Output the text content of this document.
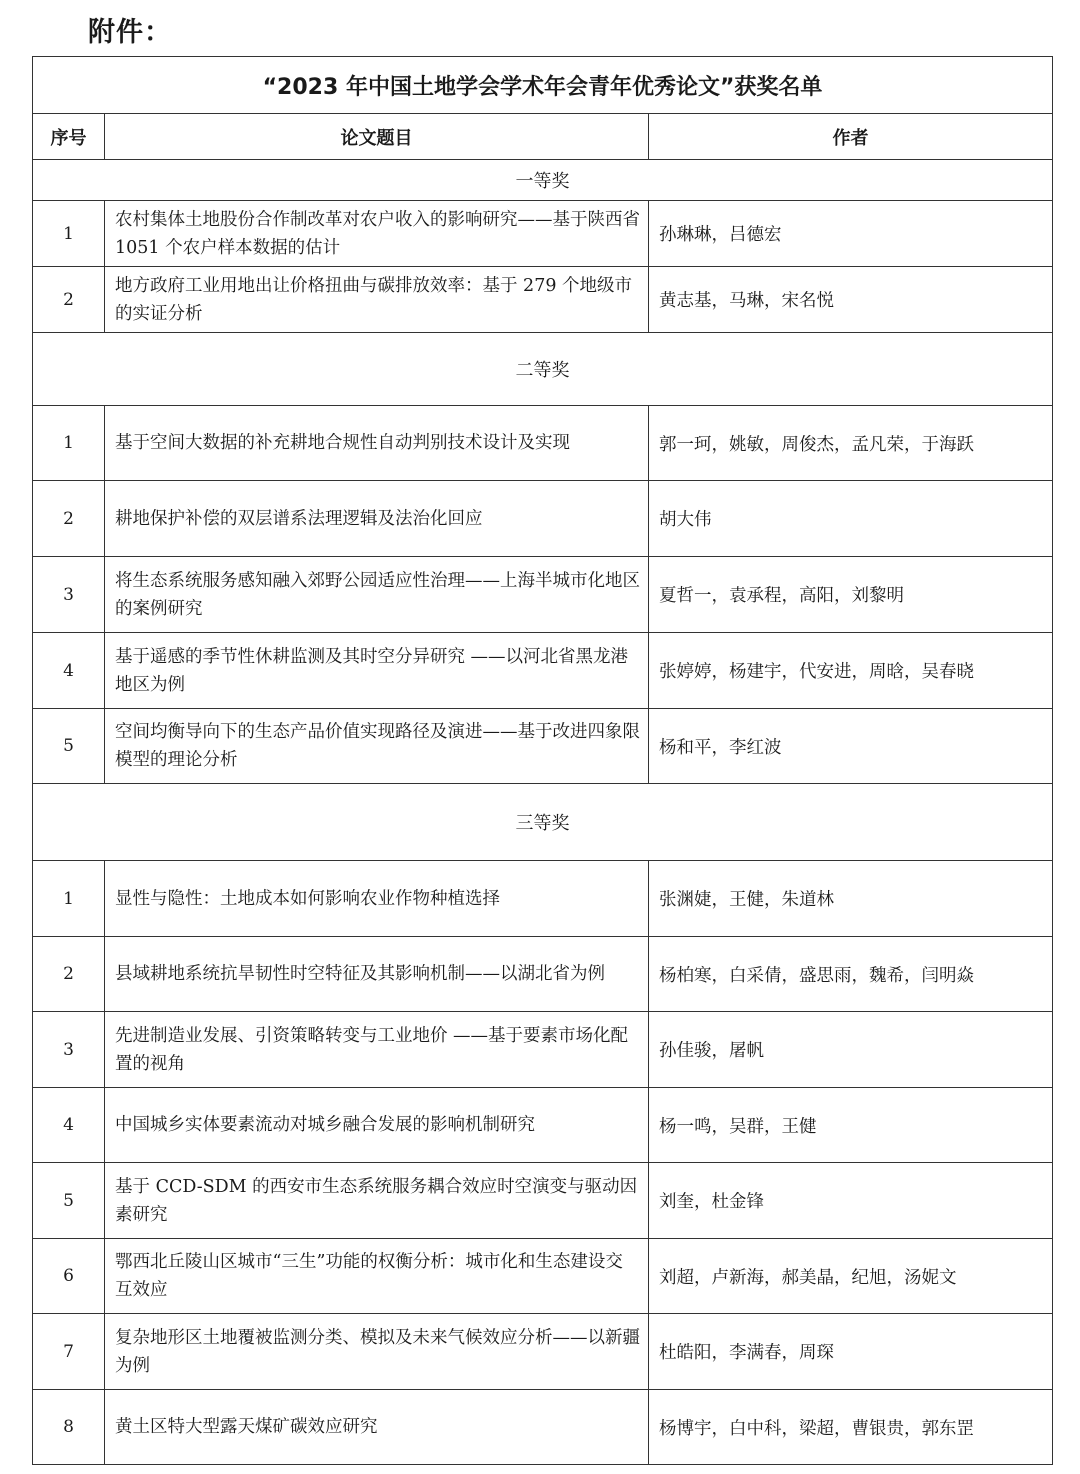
附件：
“2023 年中国土地学会学术年会青年优秀论文”获奖名单		
序号	论文题目	作者
一等奖		
1	农村集体土地股份合作制改革对农户收入的影响研究——基于陕西省 1051 个农户样本数据的估计	孙琳琳，吕德宏
2	地方政府工业用地出让价格扭曲与碳排放效率：基于 279 个地级市的实证分析	黄志基，马琳，宋名悦
二等奖		
1	基于空间大数据的补充耕地合规性自动判别技术设计及实现	郭一珂，姚敏，周俊杰，孟凡荣，于海跃
2	耕地保护补偿的双层谱系法理逻辑及法治化回应	胡大伟
3	将生态系统服务感知融入郊野公园适应性治理——上海半城市化地区的案例研究	夏哲一，袁承程，高阳，刘黎明
4	基于遥感的季节性休耕监测及其时空分异研究 ——以河北省黑龙港地区为例	张婷婷，杨建宇，代安进，周晗，吴春晓
5	空间均衡导向下的生态产品价值实现路径及演进——基于改进四象限模型的理论分析	杨和平，李红波
三等奖		
1	显性与隐性：土地成本如何影响农业作物种植选择	张渊婕，王健，朱道林
2	县域耕地系统抗旱韧性时空特征及其影响机制——以湖北省为例	杨柏寒，白采倩，盛思雨，魏希，闫明焱
3	先进制造业发展、引资策略转变与工业地价 ——基于要素市场化配置的视角	孙佳骏，屠帆
4	中国城乡实体要素流动对城乡融合发展的影响机制研究	杨一鸣，吴群，王健
5	基于 CCD-SDM 的西安市生态系统服务耦合效应时空演变与驱动因素研究	刘奎，杜金锋
6	鄂西北丘陵山区城市“三生”功能的权衡分析：城市化和生态建设交互效应	刘超，卢新海，郝美晶，纪旭，汤妮文
7	复杂地形区土地覆被监测分类、模拟及未来气候效应分析——以新疆为例	杜皓阳，李满春，周琛
8	黄土区特大型露天煤矿碳效应研究	杨博宇，白中科，梁超，曹银贵，郭东罡
